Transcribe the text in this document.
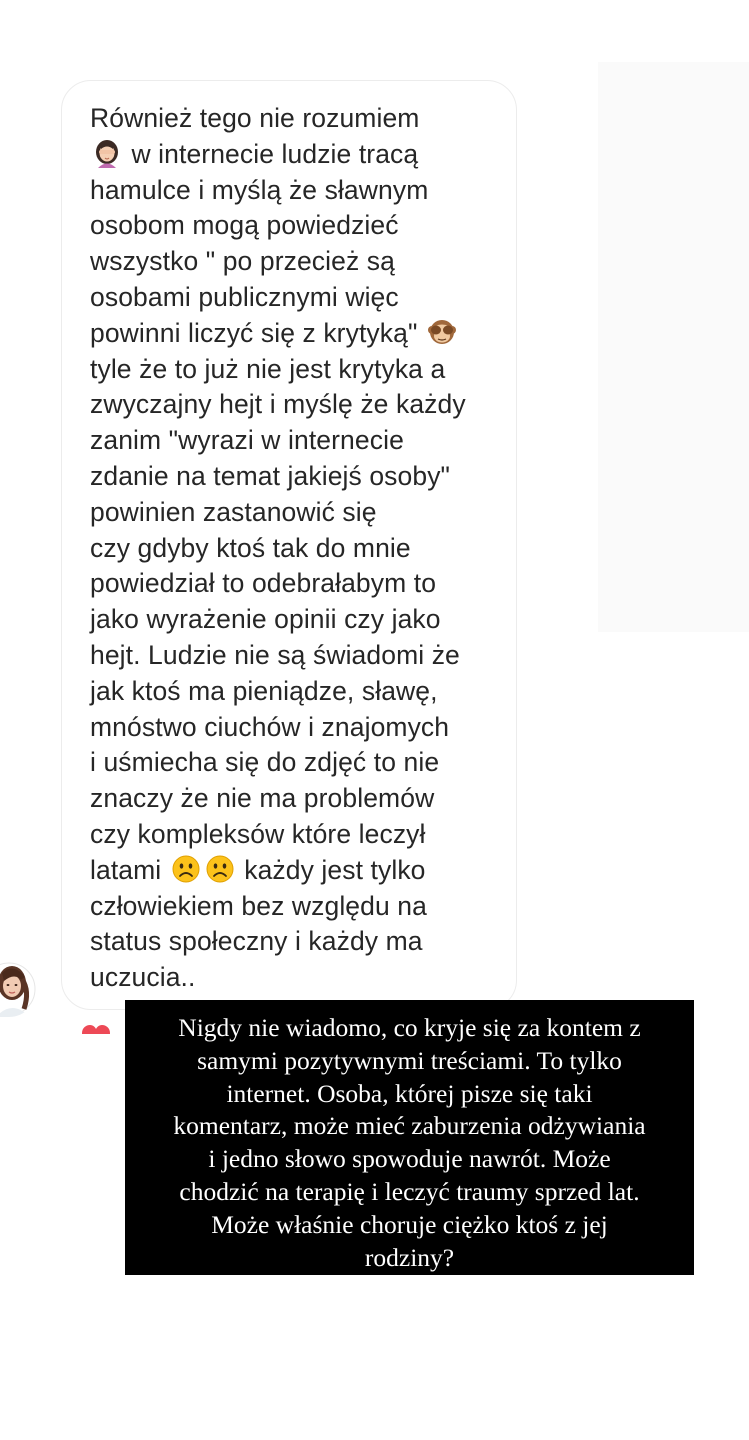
Również tego nie rozumiem
w internecie ludzie tracą
hamulce i myślą że sławnym
osobom mogą powiedzieć
wszystko " po przecież są
osobami publicznymi więc
powinni liczyć się z krytyką"
tyle że to już nie jest krytyka a
zwyczajny hejt i myślę że każdy
zanim "wyrazi w internecie
zdanie na temat jakiejś osoby"
powinien zastanowić się
czy gdyby ktoś tak do mnie
powiedział to odebrałabym to
jako wyrażenie opinii czy jako
hejt. Ludzie nie są świadomi że
jak ktoś ma pieniądze, sławę,
mnóstwo ciuchów i znajomych
i uśmiecha się do zdjęć to nie
znaczy że nie ma problemów
czy kompleksów które leczył
latami	każdy jest tylko
człowiekiem bez względu na
status społeczny i każdy ma
uczucia..
Nigdy nie wiadomo, co kryje się za kontem z
samymi pozytywnymi treściami. To tylko
internet. Osoba, której pisze się taki
komentarz, może mieć zaburzenia odżywiania
i jedno słowo spowoduje nawrót. Może
chodzić na terapię i leczyć traumy sprzed lat.
Może właśnie choruje ciężko ktoś z jej
rodziny?
